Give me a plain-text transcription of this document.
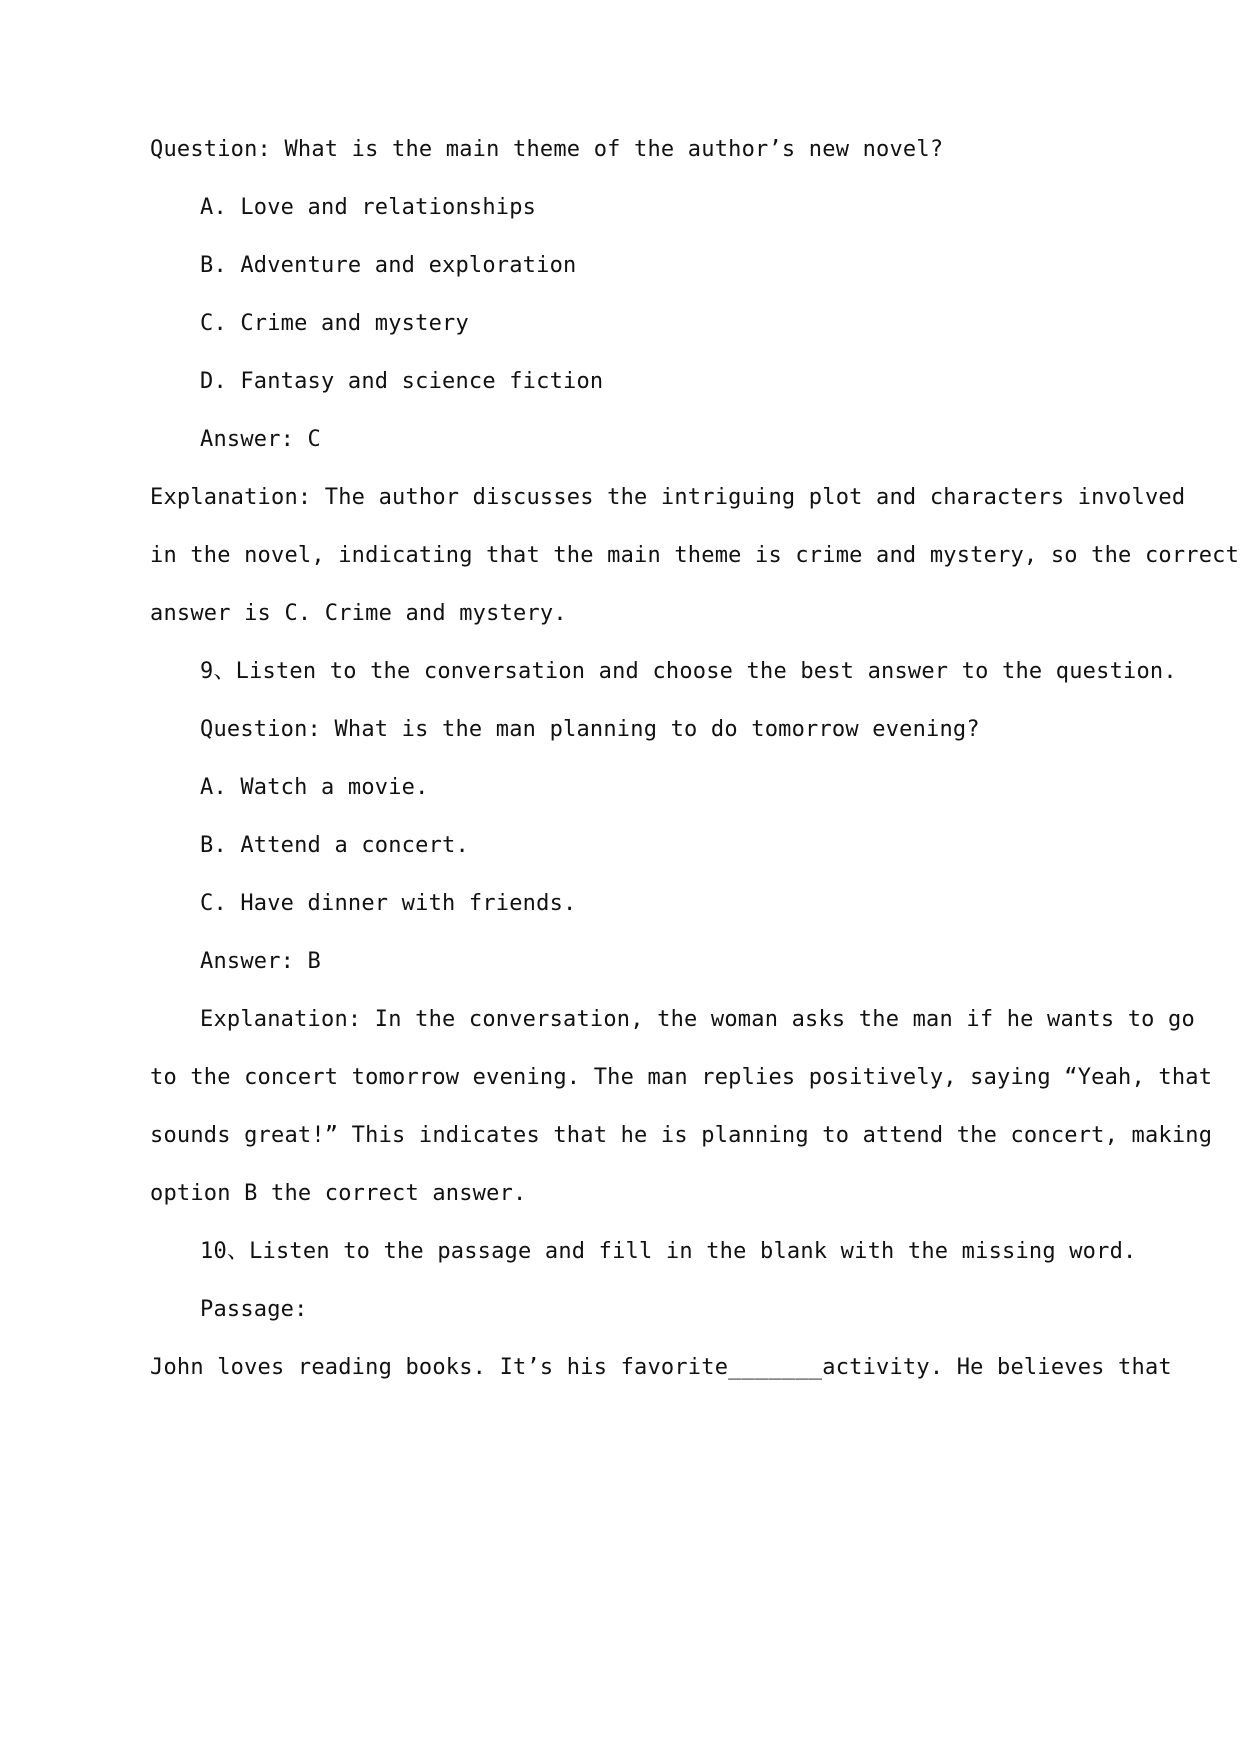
Question: What is the main theme of the author’s new novel?
A. Love and relationships
B. Adventure and exploration
C. Crime and mystery
D. Fantasy and science fiction
Answer: C
Explanation: The author discusses the intriguing plot and characters involved
in the novel, indicating that the main theme is crime and mystery, so the correct
answer is C. Crime and mystery.
9、Listen to the conversation and choose the best answer to the question.
Question: What is the man planning to do tomorrow evening?
A. Watch a movie.
B. Attend a concert.
C. Have dinner with friends.
Answer: B
Explanation: In the conversation, the woman asks the man if he wants to go
to the concert tomorrow evening. The man replies positively, saying “Yeah, that
sounds great!” This indicates that he is planning to attend the concert, making
option B the correct answer.
10、Listen to the passage and fill in the blank with the missing word.
Passage:
John loves reading books. It’s his favorite_______activity. He believes that
